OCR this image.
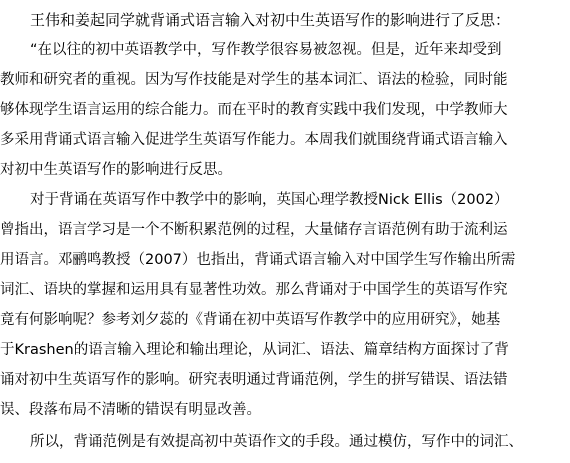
王伟和姜起同学就背诵式语言输入对初中生英语写作的影响进行了反思：
“在以往的初中英语教学中，写作教学很容易被忽视。但是，近年来却受到
教师和研究者的重视。因为写作技能是对学生的基本词汇、语法的检验，同时能
够体现学生语言运用的综合能力。而在平时的教育实践中我们发现，中学教师大
多采用背诵式语言输入促进学生英语写作能力。本周我们就围绕背诵式语言输入
对初中生英语写作的影响进行反思。
对于背诵在英语写作中教学中的影响，英国心理学教授Nick Ellis（2002）
曾指出，语言学习是一个不断积累范例的过程，大量储存言语范例有助于流利运
用语言。邓鹂鸣教授（2007）也指出，背诵式语言输入对中国学生写作输出所需
词汇、语块的掌握和运用具有显著性功效。那么背诵对于中国学生的英语写作究
竟有何影响呢？参考刘夕蕊的《背诵在初中英语写作教学中的应用研究》，她基
于Krashen的语言输入理论和输出理论，从词汇、语法、篇章结构方面探讨了背
诵对初中生英语写作的影响。研究表明通过背诵范例，学生的拼写错误、语法错
误、段落布局不清晰的错误有明显改善。
所以，背诵范例是有效提高初中英语作文的手段。通过模仿，写作中的词汇、
